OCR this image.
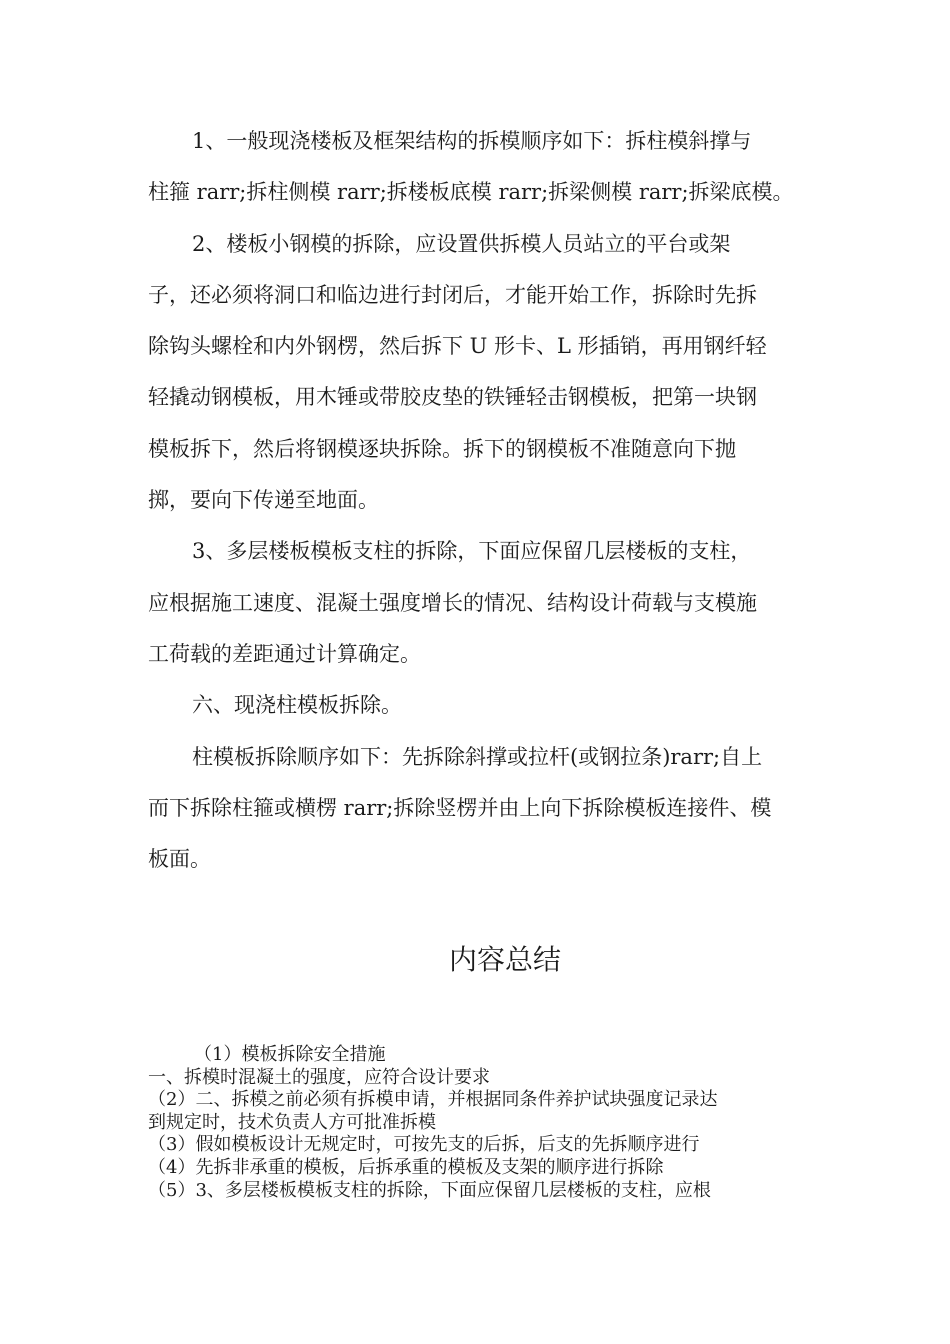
1、一般现浇楼板及框架结构的拆模顺序如下：拆柱模斜撑与
柱箍 rarr;拆柱侧模 rarr;拆楼板底模 rarr;拆梁侧模 rarr;拆梁底模。
2、楼板小钢模的拆除，应设置供拆模人员站立的平台或架
子，还必须将洞口和临边进行封闭后，才能开始工作，拆除时先拆
除钩头螺栓和内外钢楞，然后拆下 U 形卡、L 形插销，再用钢纤轻
轻撬动钢模板，用木锤或带胶皮垫的铁锤轻击钢模板，把第一块钢
模板拆下，然后将钢模逐块拆除。拆下的钢模板不准随意向下抛
掷，要向下传递至地面。
3、多层楼板模板支柱的拆除，下面应保留几层楼板的支柱，
应根据施工速度、混凝土强度增长的情况、结构设计荷载与支模施
工荷载的差距通过计算确定。
六、现浇柱模板拆除。
柱模板拆除顺序如下：先拆除斜撑或拉杆(或钢拉条)rarr;自上
而下拆除柱箍或横楞 rarr;拆除竖楞并由上向下拆除模板连接件、模
板面。
内容总结
（1）模板拆除安全措施
一、拆模时混凝土的强度，应符合设计要求
（2）二、拆模之前必须有拆模申请，并根据同条件养护试块强度记录达
到规定时，技术负责人方可批准拆模
（3）假如模板设计无规定时，可按先支的后拆，后支的先拆顺序进行
（4）先拆非承重的模板，后拆承重的模板及支架的顺序进行拆除
（5）3、多层楼板模板支柱的拆除，下面应保留几层楼板的支柱，应根
